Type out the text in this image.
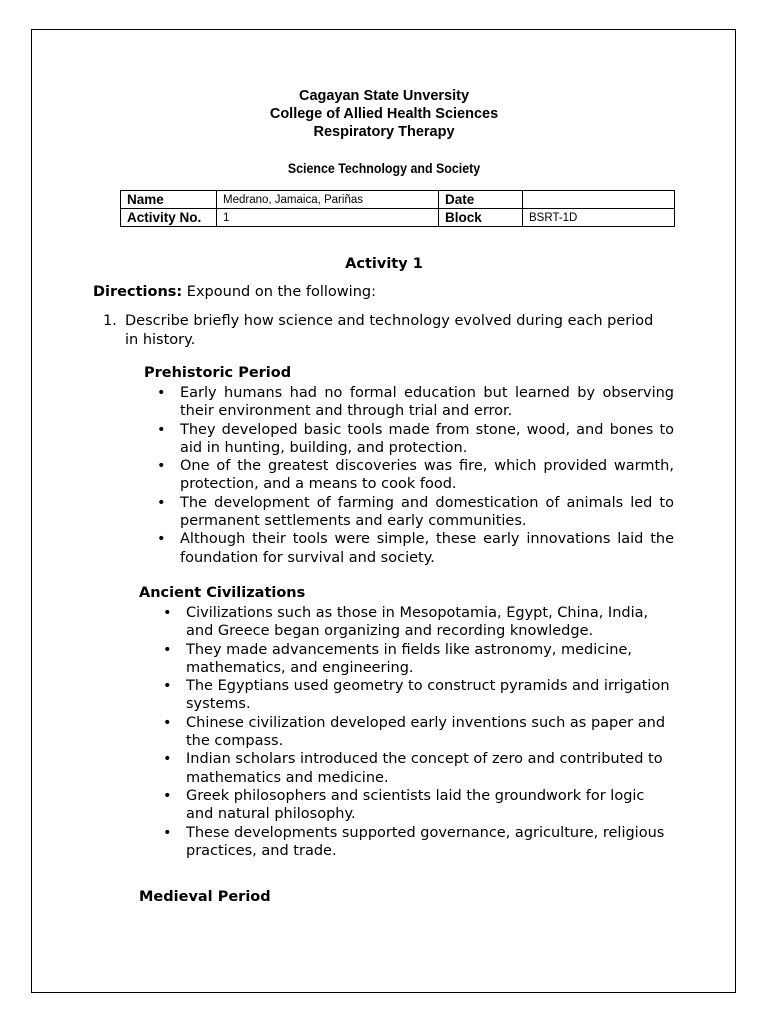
Cagayan State Unversity
College of Allied Health Sciences
Respiratory Therapy
Science Technology and Society
Name	Medrano, Jamaica, Pariñas	Date	
Activity No.	1	Block	BSRT-1D
Activity 1
Directions: Expound on the following:
1. Describe briefly how science and technology evolved during each period in history.
Prehistoric Period
• Early humans had no formal education but learned by observing their environment and through trial and error.
• They developed basic tools made from stone, wood, and bones to aid in hunting, building, and protection.
• One of the greatest discoveries was fire, which provided warmth, protection, and a means to cook food.
• The development of farming and domestication of animals led to permanent settlements and early communities.
• Although their tools were simple, these early innovations laid the foundation for survival and society.
Ancient Civilizations
• Civilizations such as those in Mesopotamia, Egypt, China, India, and Greece began organizing and recording knowledge.
• They made advancements in fields like astronomy, medicine, mathematics, and engineering.
• The Egyptians used geometry to construct pyramids and irrigation systems.
• Chinese civilization developed early inventions such as paper and the compass.
• Indian scholars introduced the concept of zero and contributed to mathematics and medicine.
• Greek philosophers and scientists laid the groundwork for logic and natural philosophy.
• These developments supported governance, agriculture, religious practices, and trade.
Medieval Period
